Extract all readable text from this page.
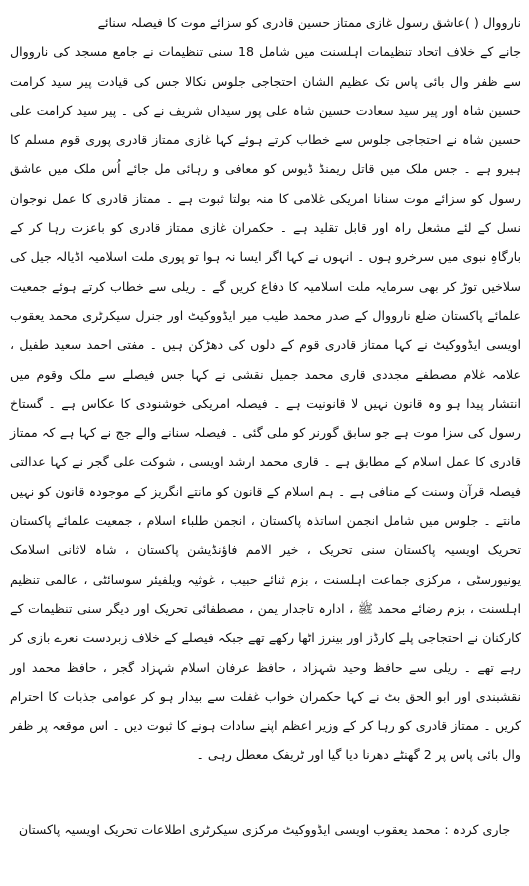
نارووال ( )عاشق رسول غازی ممتاز حسین قادری کو سزائے موت کا فیصلہ سنائے

جانے کے خلاف اتحاد تنظیمات اہلسنت میں شامل 18 سنی تنظیمات نے جامع مسجد کی نارووال سے ظفر وال بائی پاس تک عظیم الشان احتجاجی جلوس نکالا جس کی قیادت پیر سید کرامت حسین شاہ اور پیر سید سعادت حسین شاہ علی پور سیداں شریف نے کی ۔ پیر سید کرامت علی حسین شاہ نے احتجاجی جلوس سے خطاب کرتے ہوئے کہا غازی ممتاز قادری پوری قوم مسلم کا ہیرو ہے ۔ جس ملک میں قاتل ریمنڈ ڈیوس کو معافی و رہائی مل جائے اُس ملک میں عاشق رسول کو سزائے موت سنانا امریکی غلامی کا منہ بولتا ثبوت ہے ۔ ممتاز قادری کا عمل نوجوان نسل کے لئے مشعل راہ اور قابل تقلید ہے ۔ حکمران غازی ممتاز قادری کو باعزت رہا کر کے بارگاہِ نبوی میں سرخرو ہوں ۔ انہوں نے کہا اگر ایسا نہ ہوا تو پوری ملت اسلامیہ اڈیالہ جیل کی سلاخیں توڑ کر بھی سرمایہ ملت اسلامیہ کا دفاع کریں گے ۔ ریلی سے خطاب کرتے ہوئے جمعیت علمائے پاکستان ضلع نارووال کے صدر محمد طیب میر ایڈووکیٹ اور جنرل سیکرٹری محمد یعقوب اویسی ایڈووکیٹ نے کہا ممتاز قادری قوم کے دلوں کی دھڑکن ہیں ۔ مفتی احمد سعید طفیل ، علامہ غلام مصطفے مجددی قاری محمد جمیل نقشی نے کہا جس فیصلے سے ملک وقوم میں انتشار پیدا ہو وہ قانون نہیں لا قانونیت ہے ۔ فیصلہ امریکی خوشنودی کا عکاس ہے ۔ گستاخ رسول کی سزا موت ہے جو سابق گورنر کو ملی گئی ۔ فیصلہ سنانے والے جج نے کہا ہے کہ ممتاز قادری کا عمل اسلام کے مطابق ہے ۔ قاری محمد ارشد اویسی ، شوکت علی گجر نے کہا عدالتی فیصلہ قرآن وسنت کے منافی ہے ۔ ہم اسلام کے قانون کو مانتے انگریز کے موجودہ قانون کو نہیں مانتے ۔ جلوس میں شامل انجمن اساتذہ پاکستان ، انجمن طلباء اسلام ، جمعیت علمائے پاکستان تحریک اویسیہ پاکستان سنی تحریک ، خیر الامم فاؤنڈیشن پاکستان ، شاہ لاثانی اسلامک یونیورسٹی ، مرکزی جماعت اہلسنت ، بزم ثنائے حبیب ، غوثیہ ویلفیئر سوسائٹی ، عالمی تنظیم اہلسنت ، بزم رضائے محمد ﷺ ، ادارہ تاجدار یمن ، مصطفائی تحریک اور دیگر سنی تنظیمات کے کارکنان نے احتجاجی پلے کارڈز اور بینرز اٹھا رکھے تھے جبکہ فیصلے کے خلاف زبردست نعرے بازی کر رہے تھے ۔ ریلی سے حافظ وحید شہزاد ، حافظ عرفان اسلام شہزاد گجر ، حافظ محمد اور نقشبندی اور ابو الحق بٹ نے کہا حکمران خواب غفلت سے بیدار ہو کر عوامی جذبات کا احترام کریں ۔ ممتاز قادری کو رہا کر کے وزیر اعظم اپنے سادات ہونے کا ثبوت دیں ۔ اس موقعہ پر ظفر وال بائی پاس پر 2 گھنٹے دھرنا دیا گیا اور ٹریفک معطل رہی ۔

جاری کردہ : محمد یعقوب اویسی ایڈووکیٹ مرکزی سیکرٹری اطلاعات تحریک اویسیہ پاکستان
